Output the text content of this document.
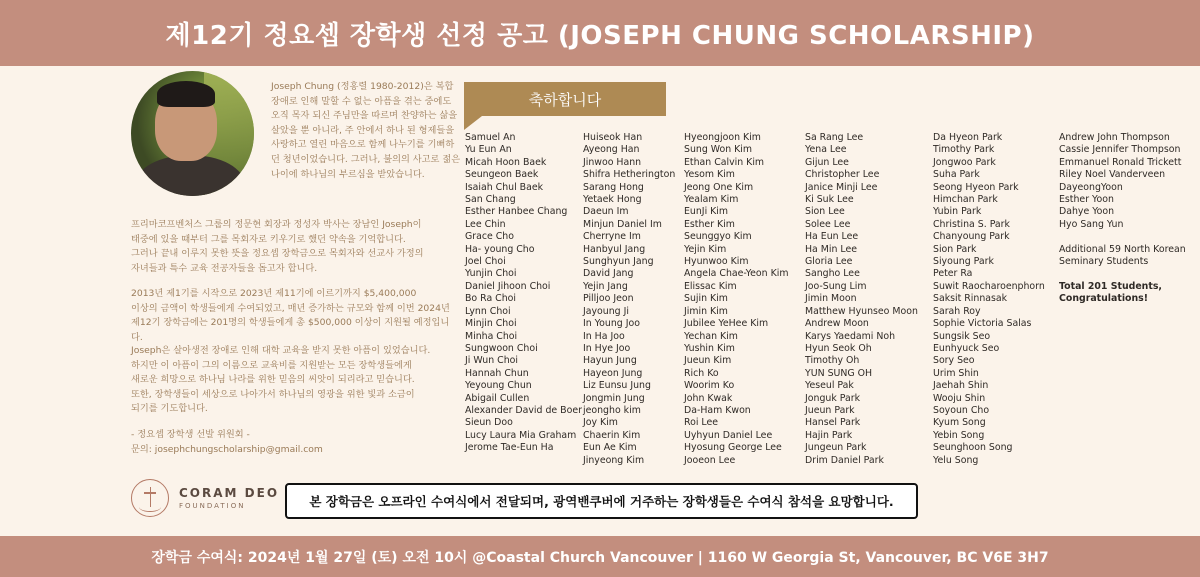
제12기 정요셉 장학생 선정 공고 (JOSEPH CHUNG SCHOLARSHIP)
Joseph Chung (정홍렬 1980-2012)은 복합 장애로 인해 말할 수 없는 아픔을 겪는 중에도 오직 목자 되신 주님만을 따르며 찬양하는 삶을 살았을 뿐 아니라, 주 안에서 하나 된 형제들을 사랑하고 열린 마음으로 함께 나누기를 기뻐하던 청년이었습니다. 그러나, 불의의 사고로 젊은 나이에 하나님의 부르심을 받았습니다.
프리마코프벤처스 그룹의 정문현 회장과 정성자 박사는 장남인 Joseph이
태중에 있을 때부터 그를 목회자로 키우기로 했던 약속을 기억합니다.
그러나 끝내 이루지 못한 뜻을 정요셉 장학금으로 목회자와 선교사 가정의
자녀들과 특수 교육 전공자들을 돕고자 합니다.
2013년 제1기를 시작으로 2023년 제11기에 이르기까지 $5,400,000
이상의 금액이 학생들에게 수여되었고, 매년 증가하는 규모와 함께 이번 2024년
제12기 장학금에는 201명의 학생들에게 총 $500,000 이상이 지원될 예정입니다.
Joseph은 살아생전 장애로 인해 대학 교육을 받지 못한 아픔이 있었습니다.
하지만 이 아픔이 그의 이름으로 교육비를 지원받는 모든 장학생들에게
새로운 희망으로 하나님 나라를 위한 믿음의 씨앗이 되리라고 믿습니다.
또한, 장학생들이 세상으로 나아가서 하나님의 영광을 위한 빛과 소금이
되기를 기도합니다.
- 정요셉 장학생 선발 위원회 -
문의: josephchungscholarship@gmail.com
축하합니다
Samuel An
Yu Eun An
Micah Hoon Baek
Seungeon Baek
Isaiah Chul Baek
San Chang
Esther Hanbee Chang
Lee Chin
Grace Cho
Ha- young Cho
Joel Choi
Yunjin Choi
Daniel Jihoon Choi
Bo Ra Choi
Lynn Choi
Minjin Choi
Minha Choi
Sungwoon Choi
Ji Wun Choi
Hannah Chun
Yeyoung Chun
Abigail Cullen
Alexander David de Boer
Sieun Doo
Lucy Laura Mia Graham
Jerome Tae-Eun Ha
Huiseok Han
Ayeong Han
Jinwoo Hann
Shifra Hetherington
Sarang Hong
Yetaek Hong
Daeun Im
Minjun Daniel Im
Cherryne Im
Hanbyul Jang
Sunghyun Jang
David Jang
Yejin Jang
Pilljoo Jeon
Jayoung Ji
In Young Joo
In Ha Joo
In Hye Joo
Hayun Jung
Hayeon Jung
Liz Eunsu Jung
Jongmin Jung
jeongho kim
Joy Kim
Chaerin Kim
Eun Ae Kim
Jinyeong Kim
Hyeongjoon Kim
Sung Won Kim
Ethan Calvin Kim
Yesom Kim
Jeong One Kim
Yealam Kim
EunJi Kim
Esther Kim
Seunggyo Kim
Yejin Kim
Hyunwoo Kim
Angela Chae-Yeon Kim
Elissac Kim
Sujin Kim
Jimin Kim
Jubilee YeHee Kim
Yechan Kim
Yushin Kim
Jueun Kim
Rich Ko
Woorim Ko
John Kwak
Da-Ham Kwon
Roi Lee
Uyhyun Daniel Lee
Hyosung George Lee
Jooeon Lee
Sa Rang Lee
Yena Lee
Gijun Lee
Christopher Lee
Janice Minji Lee
Ki Suk Lee
Sion Lee
Solee Lee
Ha Eun Lee
Ha Min Lee
Gloria Lee
Sangho Lee
Joo-Sung Lim
Jimin Moon
Matthew Hyunseo Moon
Andrew Moon
Karys Yaedami Noh
Hyun Seok Oh
Timothy Oh
YUN SUNG OH
Yeseul Pak
Jonguk Park
Jueun Park
Hansel Park
Hajin Park
Jungeun Park
Drim Daniel Park
Da Hyeon Park
Timothy Park
Jongwoo Park
Suha Park
Seong Hyeon Park
Himchan Park
Yubin Park
Christina S. Park
Chanyoung Park
Sion Park
Siyoung Park
Peter Ra
Suwit Raocharoenphorn
Saksit Rinnasak
Sarah Roy
Sophie Victoria Salas
Sungsik Seo
Eunhyuck Seo
Sory Seo
Urim Shin
Jaehah Shin
Wooju Shin
Soyoun Cho
Kyum Song
Yebin Song
Seunghoon Song
Yelu Song
Andrew John Thompson
Cassie Jennifer Thompson
Emmanuel Ronald Trickett
Riley Noel Vanderveen
DayeongYoon
Esther Yoon
Dahye Yoon
Hyo Sang Yun
Additional 59 North Korean
Seminary Students
Total 201 Students,
Congratulations!
CORAM DEO
FOUNDATION	본 장학금은 오프라인 수여식에서 전달되며, 광역밴쿠버에 거주하는 장학생들은 수여식 참석을 요망합니다.

장학금 수여식: 2024년 1월 27일 (토) 오전 10시 @Coastal Church Vancouver | 1160 W Georgia St, Vancouver, BC V6E 3H7
